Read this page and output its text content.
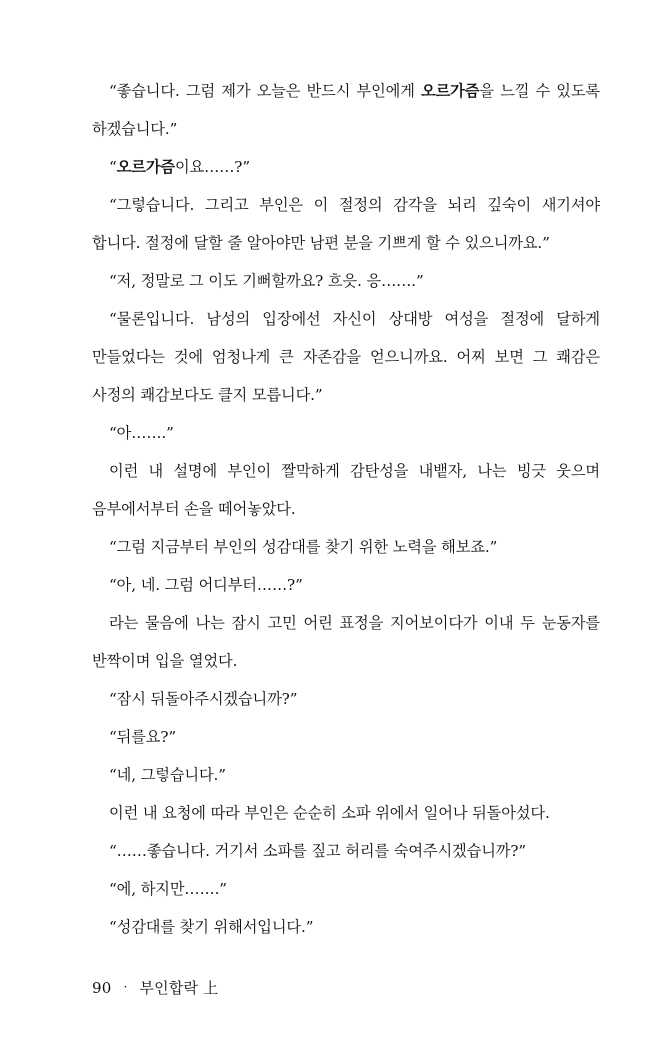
“좋습니다. 그럼 제가 오늘은 반드시 부인에게 오르가즘을 느낄 수 있도록 하겠습니다.”

“오르가즘이요……?”

“그렇습니다. 그리고 부인은 이 절정의 감각을 뇌리 깊숙이 새기셔야 합니다. 절정에 달할 줄 알아야만 남편 분을 기쁘게 할 수 있으니까요.”

“저, 정말로 그 이도 기뻐할까요? 흐읏. 응…….”

“물론입니다. 남성의 입장에선 자신이 상대방 여성을 절정에 달하게 만들었다는 것에 엄청나게 큰 자존감을 얻으니까요. 어찌 보면 그 쾌감은 사정의 쾌감보다도 클지 모릅니다.”

“아…….”

이런 내 설명에 부인이 짤막하게 감탄성을 내뱉자, 나는 빙긋 웃으며 음부에서부터 손을 떼어놓았다.

“그럼 지금부터 부인의 성감대를 찾기 위한 노력을 해보죠.”

“아, 네. 그럼 어디부터……?”

라는 물음에 나는 잠시 고민 어린 표정을 지어보이다가 이내 두 눈동자를 반짝이며 입을 열었다.

“잠시 뒤돌아주시겠습니까?”

“뒤를요?”

“네, 그렇습니다.”

이런 내 요청에 따라 부인은 순순히 소파 위에서 일어나 뒤돌아섰다.

“……좋습니다. 거기서 소파를 짚고 허리를 숙여주시겠습니까?”

“에, 하지만…….”

“성감대를 찾기 위해서입니다.”

90 · 부인합락 上
